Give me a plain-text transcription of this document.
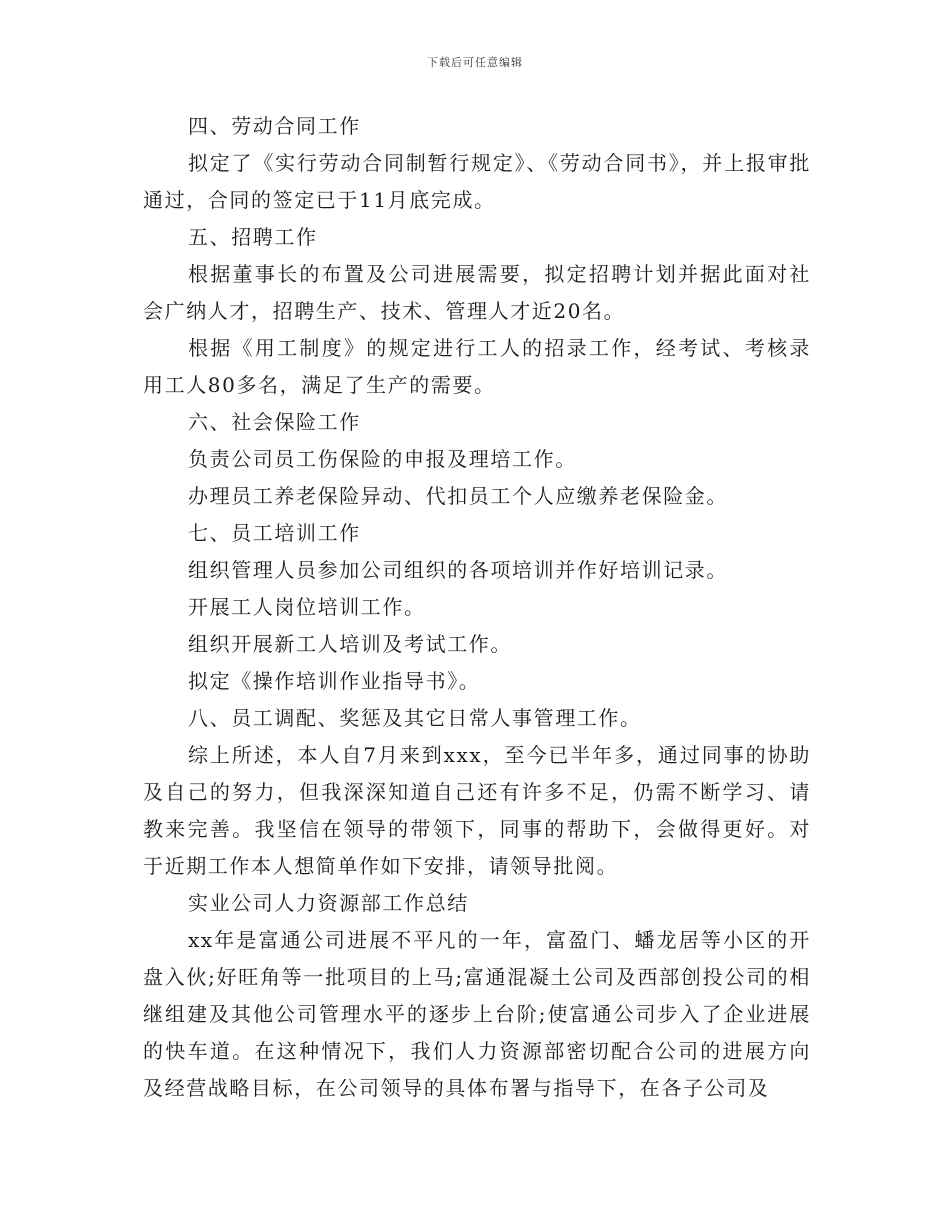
下载后可任意编辑

四、劳动合同工作

拟定了《实行劳动合同制暂行规定》、《劳动合同书》，并上报审批通过，合同的签定已于11月底完成。

五、招聘工作

根据董事长的布置及公司进展需要，拟定招聘计划并据此面对社会广纳人才，招聘生产、技术、管理人才近20名。

根据《用工制度》的规定进行工人的招录工作，经考试、考核录用工人80多名，满足了生产的需要。

六、社会保险工作

负责公司员工伤保险的申报及理培工作。

办理员工养老保险异动、代扣员工个人应缴养老保险金。

七、员工培训工作

组织管理人员参加公司组织的各项培训并作好培训记录。

开展工人岗位培训工作。

组织开展新工人培训及考试工作。

拟定《操作培训作业指导书》。

八、员工调配、奖惩及其它日常人事管理工作。

综上所述，本人自7月来到xxx，至今已半年多，通过同事的协助及自己的努力，但我深深知道自己还有许多不足，仍需不断学习、请教来完善。我坚信在领导的带领下，同事的帮助下，会做得更好。对于近期工作本人想简单作如下安排，请领导批阅。

实业公司人力资源部工作总结

xx年是富通公司进展不平凡的一年，富盈门、蟠龙居等小区的开盘入伙;好旺角等一批项目的上马;富通混凝土公司及西部创投公司的相继组建及其他公司管理水平的逐步上台阶;使富通公司步入了企业进展的快车道。在这种情况下，我们人力资源部密切配合公司的进展方向及经营战略目标，在公司领导的具体布署与指导下，在各子公司及
